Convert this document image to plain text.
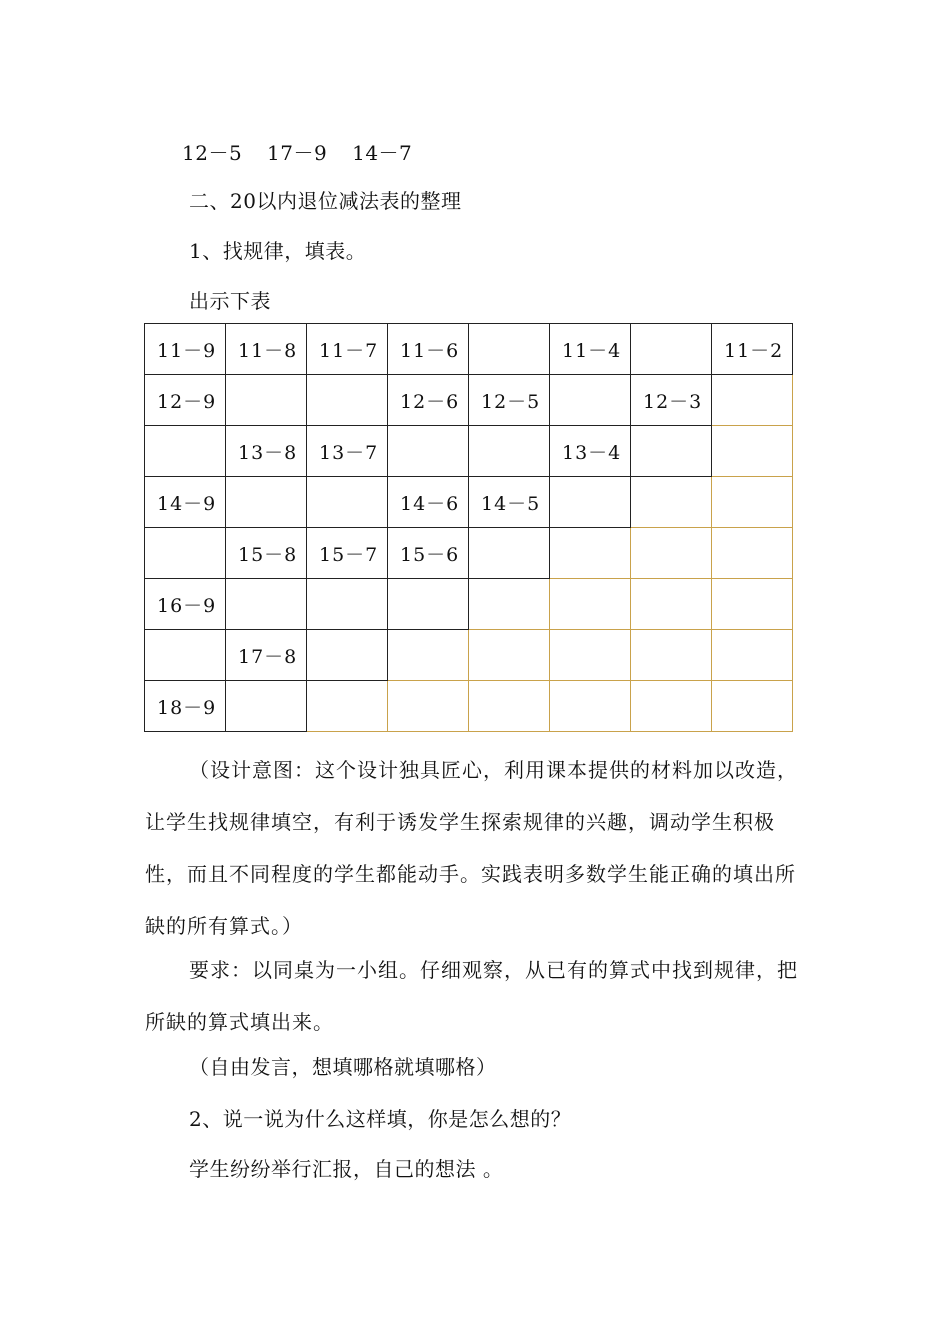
12－5 17－9 14－7
二、20以内退位减法表的整理
1、找规律，填表。
出示下表
11－9	11－8	11－7	11－6		11－4		11－2
12－9			12－6	12－5		12－3	
	13－8	13－7			13－4		
14－9			14－6	14－5			
	15－8	15－7	15－6				
16－9							
	17－8						
18－9							
（设计意图：这个设计独具匠心，利用课本提供的材料加以改造，让学生找规律填空，有利于诱发学生探索规律的兴趣，调动学生积极性，而且不同程度的学生都能动手。实践表明多数学生能正确的填出所缺的所有算式。）
要求：以同桌为一小组。仔细观察，从已有的算式中找到规律，把所缺的算式填出来。
（自由发言，想填哪格就填哪格）
2、说一说为什么这样填，你是怎么想的？
学生纷纷举行汇报，自己的想法 。
